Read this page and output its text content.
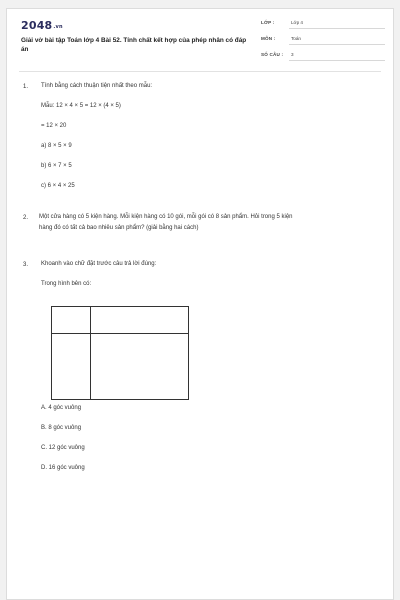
2048.vn
Giải vở bài tập Toán lớp 4 Bài 52. Tính chất kết hợp của phép nhân có đáp án
LỚP :	Lớp 4
MÔN :	Toán
SỐ CÂU : 3
1. Tính bằng cách thuận tiện nhất theo mẫu:
Mẫu: 12 × 4 × 5 = 12 × (4 × 5)
= 12 × 20
a) 8 × 5 × 9
b) 6 × 7 × 5
c) 6 × 4 × 25
2. Một cửa hàng có 5 kiện hàng. Mỗi kiện hàng có 10 gói, mỗi gói có 8 sản phẩm. Hỏi trong 5 kiện
hàng đó có tất cả bao nhiêu sản phẩm? (giải bằng hai cách)
3. Khoanh vào chữ đặt trước câu trả lời đúng:
Trong hình bên có:
A. 4 góc vuông
B. 8 góc vuông
C. 12 góc vuông
D. 16 góc vuông
